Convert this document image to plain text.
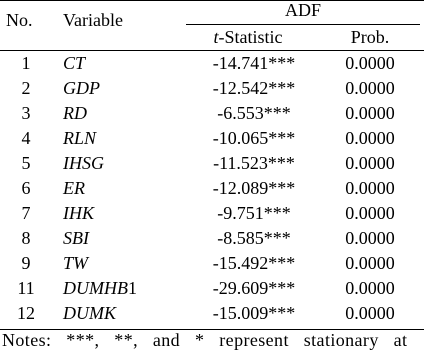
No. Variable	ADF
t-Statistic	Prob.
1	CT	-14.741***	0.0000
2	GDP	-12.542***	0.0000
3	RD	-6.553***	0.0000
4	RLN	-10.065***	0.0000
5	IHSG	-11.523***	0.0000
6	ER	-12.089***	0.0000
7	IHK	-9.751***	0.0000
8	SBI	-8.585***	0.0000
9	TW	-15.492***	0.0000
11	DUMHB1	-29.609***	0.0000
12	DUMK	-15.009***	0.0000
Notes: ***, **, and * represent stationary at
